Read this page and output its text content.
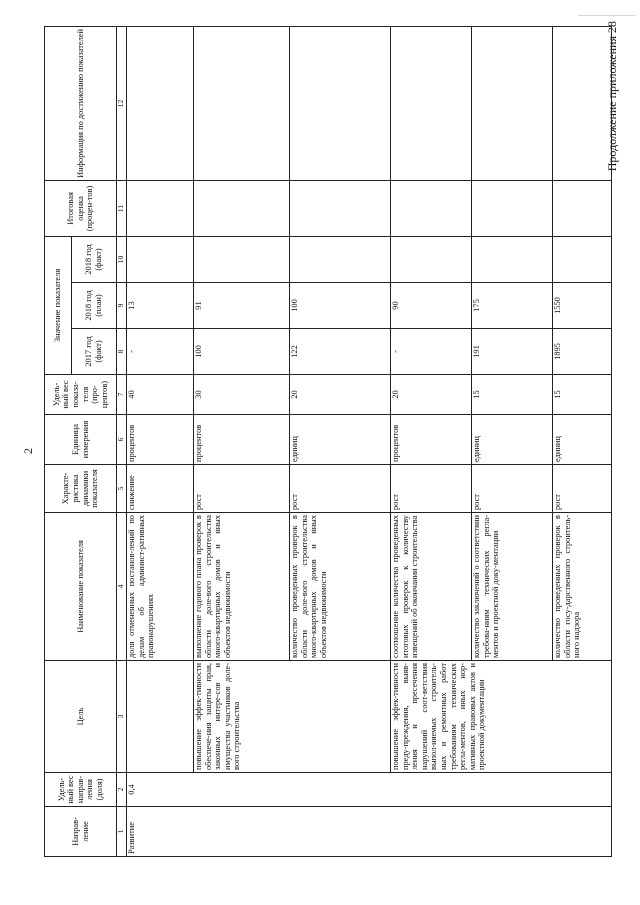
2
Продолжение приложения 28
Направ-ление	Удель-ный вес направ-ления (доля)	Цель	Наименование показателя	Характе-ристика динамики показателя	Единица измерения	Удель-ный вес показа-теля (про-центов)	Значение показателя			Итоговая оценка (процен-тов)	Информация по достижению показателей
							2017 год (факт)	2018 год (план)	2018 год (факт)		
1	2	3	4	5	6	7	8	9	10	11	12
Развитие	0,4		доля отмененных постанов-лений по делам об админист-ративных правонарушениях	снижение	процентов	40	-	13			
		повышение эффек-тивности обеспече-ния защиты прав, законных интере-сов и имущества участников доле-вого строительства	выполнение годового плана проверок в области доле-вого строительства много-квартирных домов и иных объектов недвижимости	рост	процентов	30	100	91			
			количество проведенных проверок в области доле-вого строительства много-квартирных домов и иных объектов недвижимости	рост	единиц	20	122	100			
		повышение эффек-тивности преду-преждения, выяв-ления и пресечения нарушений соот-ветствия выпол-няемых строитель-ных и ремонтных работ требованиям технических регла-ментов, иных нор-мативных правовых актов и проектной документации	соотношение количества проведенных итоговых проверок к количеству извещений об окончании строительства	рост	процентов	20	-	90			
			количество заключений о соответствии требова-ниям технических регла-ментов и проектной доку-ментации	рост	единиц	15	191	175			
			количество проведенных проверок в области госу-дарственного строитель-ного надзора	рост	единиц	15	1895	1550			
